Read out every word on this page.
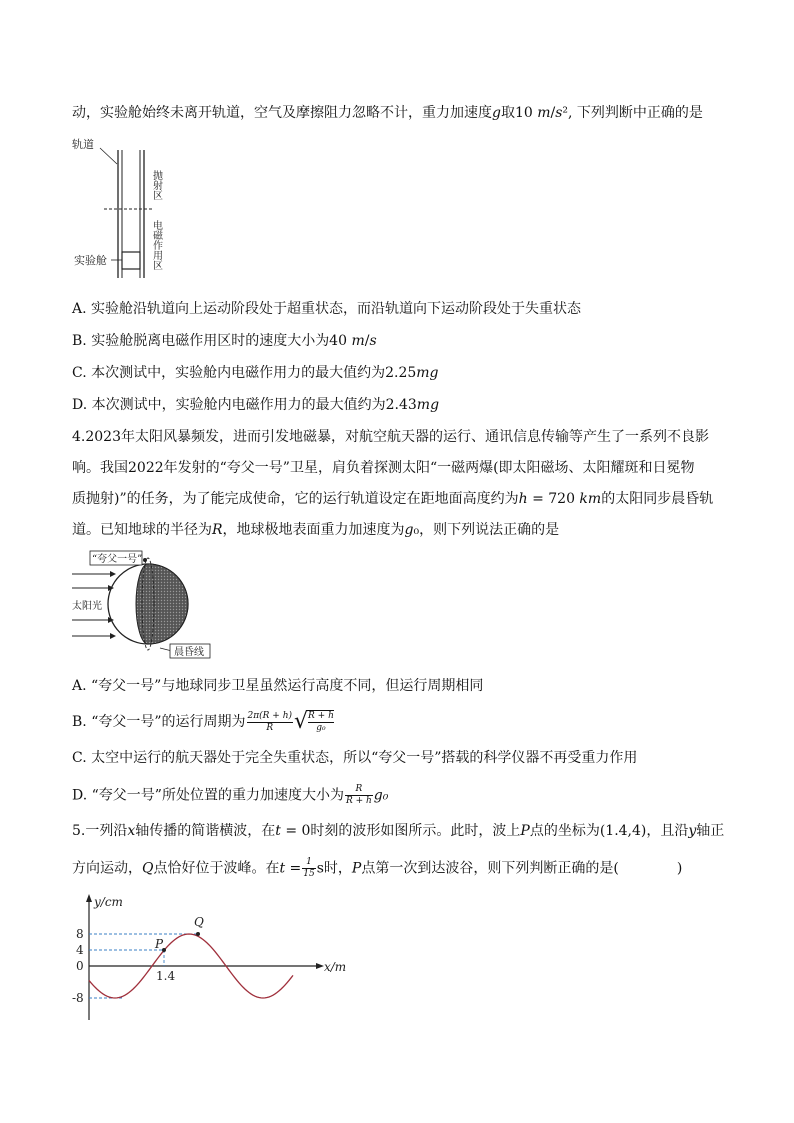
动，实验舱始终未离开轨道，空气及摩擦阻力忽略不计，重力加速度𝑔取10 𝑚/𝑠², 下列判断中正确的是
轨道
实验舱
抛射区
电磁作用区
A. 实验舱沿轨道向上运动阶段处于超重状态，而沿轨道向下运动阶段处于失重状态
B. 实验舱脱离电磁作用区时的速度大小为40 𝑚/𝑠
C. 本次测试中，实验舱内电磁作用力的最大值约为2.25𝑚𝑔
D. 本次测试中，实验舱内电磁作用力的最大值约为2.43𝑚𝑔
4.2023年太阳风暴频发，进而引发地磁暴，对航空航天器的运行、通讯信息传输等产生了一系列不良影
响。我国2022年发射的“夸父一号”卫星，肩负着探测太阳“一磁两爆(即太阳磁场、太阳耀斑和日冕物
质抛射)”的任务，为了能完成使命，它的运行轨道设定在距地面高度约为ℎ = 720 𝑘𝑚的太阳同步晨昏轨
道。已知地球的半径为𝑅，地球极地表面重力加速度为𝑔₀，则下列说法正确的是
“夸父一号”
太阳光
晨昏线
A. “夸父一号”与地球同步卫星虽然运行高度不同，但运行周期相同
B. “夸父一号”的运行周期为 $\frac{2\pi(R + h)}{R}$ √ $\frac{R + h}{\text{g₀}}$
C. 太空中运行的航天器处于完全失重状态，所以“夸父一号”搭载的科学仪器不再受重力作用
D. “夸父一号”所处位置的重力加速度大小为 $\frac{R}{R + h} g_0$
5.一列沿𝑥轴传播的简谐横波，在𝑡 = 0时刻的波形如图所示。此时，波上𝑃点的坐标为(1.4,4)，且沿𝑦轴正
方向运动，𝑄点恰好位于波峰。在𝑡 = $\frac{1}{15}$ s时，𝑃点第一次到达波谷，则下列判断正确的是(	)
y/cm
x/m
8
4
0
-8
1.4
P
Q
